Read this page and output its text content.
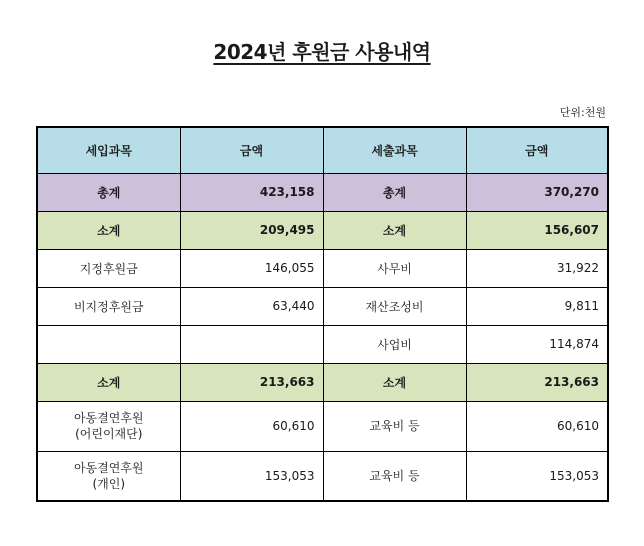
2024년 후원금 사용내역
단위:천원
세입과목	금액	세출과목	금액
총계	423,158	총계	370,270
소계	209,495	소계	156,607
지정후원금	146,055	사무비	31,922
비지정후원금	63,440	재산조성비	9,811
		사업비	114,874
소계	213,663	소계	213,663
아동결연후원
(어린이재단)	60,610	교육비 등	60,610
아동결연후원
(개인)	153,053	교육비 등	153,053
